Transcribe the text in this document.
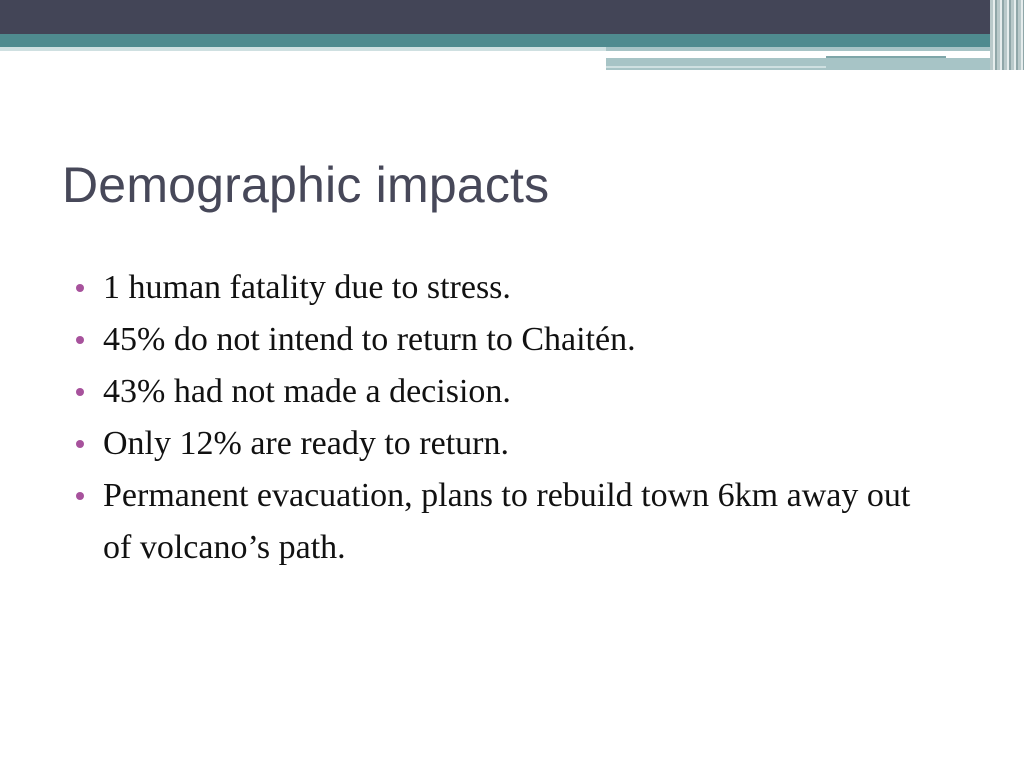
Demographic impacts
1 human fatality due to stress.
45% do not intend to return to Chaitén.
43% had not made a decision.
Only 12% are ready to return.
Permanent evacuation, plans to rebuild town 6km away out of volcano’s path.
